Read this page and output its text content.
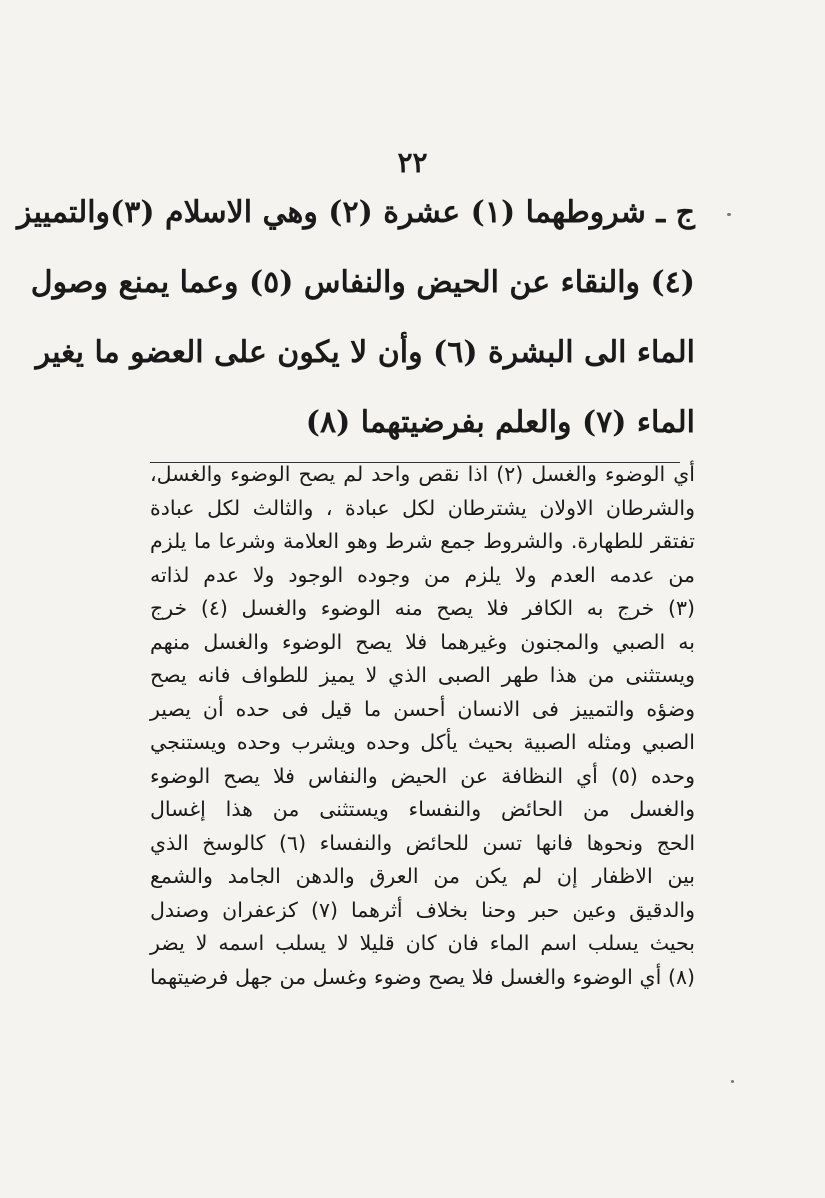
٢٢
ج ـ شروطهما (١) عشرة (٢) وهي الاسلام (٣)والتمييز
(٤) والنقاء عن الحيض والنفاس (٥) وعما يمنع وصول
الماء الى البشرة (٦) وأن لا يكون على العضو ما يغير
الماء (٧) والعلم بفرضيتهما (٨)
أي الوضوء والغسل (٢) اذا نقص واحد لم يصح الوضوء والغسل،
والشرطان الاولان يشترطان لكل عبادة ، والثالث لكل عبادة
تفتقر للطهارة. والشروط جمع شرط وهو العلامة وشرعا ما يلزم
من عدمه العدم ولا يلزم من وجوده الوجود ولا عدم لذاته
(٣) خرج به الكافر فلا يصح منه الوضوء والغسل (٤) خرج
به الصبي والمجنون وغيرهما فلا يصح الوضوء والغسل منهم
ويستثنى من هذا طهر الصبى الذي لا يميز للطواف فانه يصح
وضؤه والتمييز فى الانسان أحسن ما قيل فى حده أن يصير
الصبي ومثله الصبية بحيث يأكل وحده ويشرب وحده ويستنجي
وحده (٥) أي النظافة عن الحيض والنفاس فلا يصح الوضوء
والغسل من الحائض والنفساء ويستثنى من هذا إغسال
الحج ونحوها فانها تسن للحائض والنفساء (٦) كالوسخ الذي
بين الاظفار إن لم يكن من العرق والدهن الجامد والشمع
والدقيق وعين حبر وحنا بخلاف أثرهما (٧) كزعفران وصندل
بحيث يسلب اسم الماء فان كان قليلا لا يسلب اسمه لا يضر
(٨) أي الوضوء والغسل فلا يصح وضوء وغسل من جهل فرضيتهما
